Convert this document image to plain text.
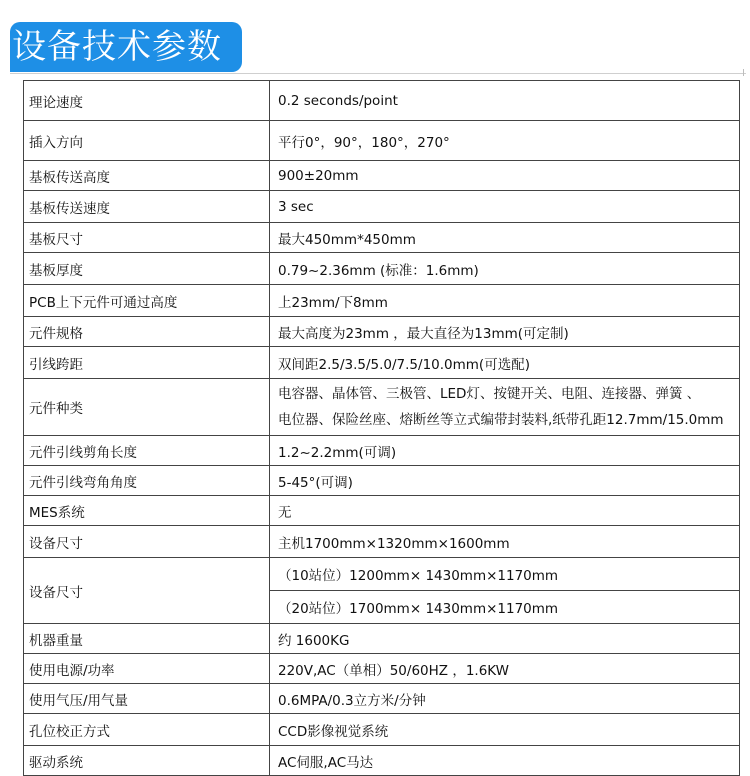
设备技术参数
理论速度	0.2 seconds/point
插入方向	平行0°，90°，180°，270°
基板传送高度	900±20mm
基板传送速度	3 sec
基板尺寸	最大450mm*450mm
基板厚度	0.79~2.36mm (标准：1.6mm)
PCB上下元件可通过高度	上23mm/下8mm
元件规格	最大高度为23mm ，最大直径为13mm(可定制)
引线跨距	双间距2.5/3.5/5.0/7.5/10.0mm(可选配)
元件种类	电容器、晶体管、三极管、LED灯、按键开关、电阻、连接器、弹簧 、
电位器、保险丝座、熔断丝等立式编带封装料,纸带孔距12.7mm/15.0mm

元件引线剪角长度	1.2~2.2mm(可调)
元件引线弯角角度	5-45°(可调)
MES系统	无
设备尺寸	主机1700mm×1320mm×1600mm
设备尺寸	（10站位）1200mm× 1430mm×1170mm
	（20站位）1700mm× 1430mm×1170mm
机器重量	约 1600KG
使用电源/功率	220V,AC（单相）50/60HZ ，1.6KW
使用气压/用气量	0.6MPA/0.3立方米/分钟
孔位校正方式	CCD影像视觉系统
驱动系统	AC伺服,AC马达
